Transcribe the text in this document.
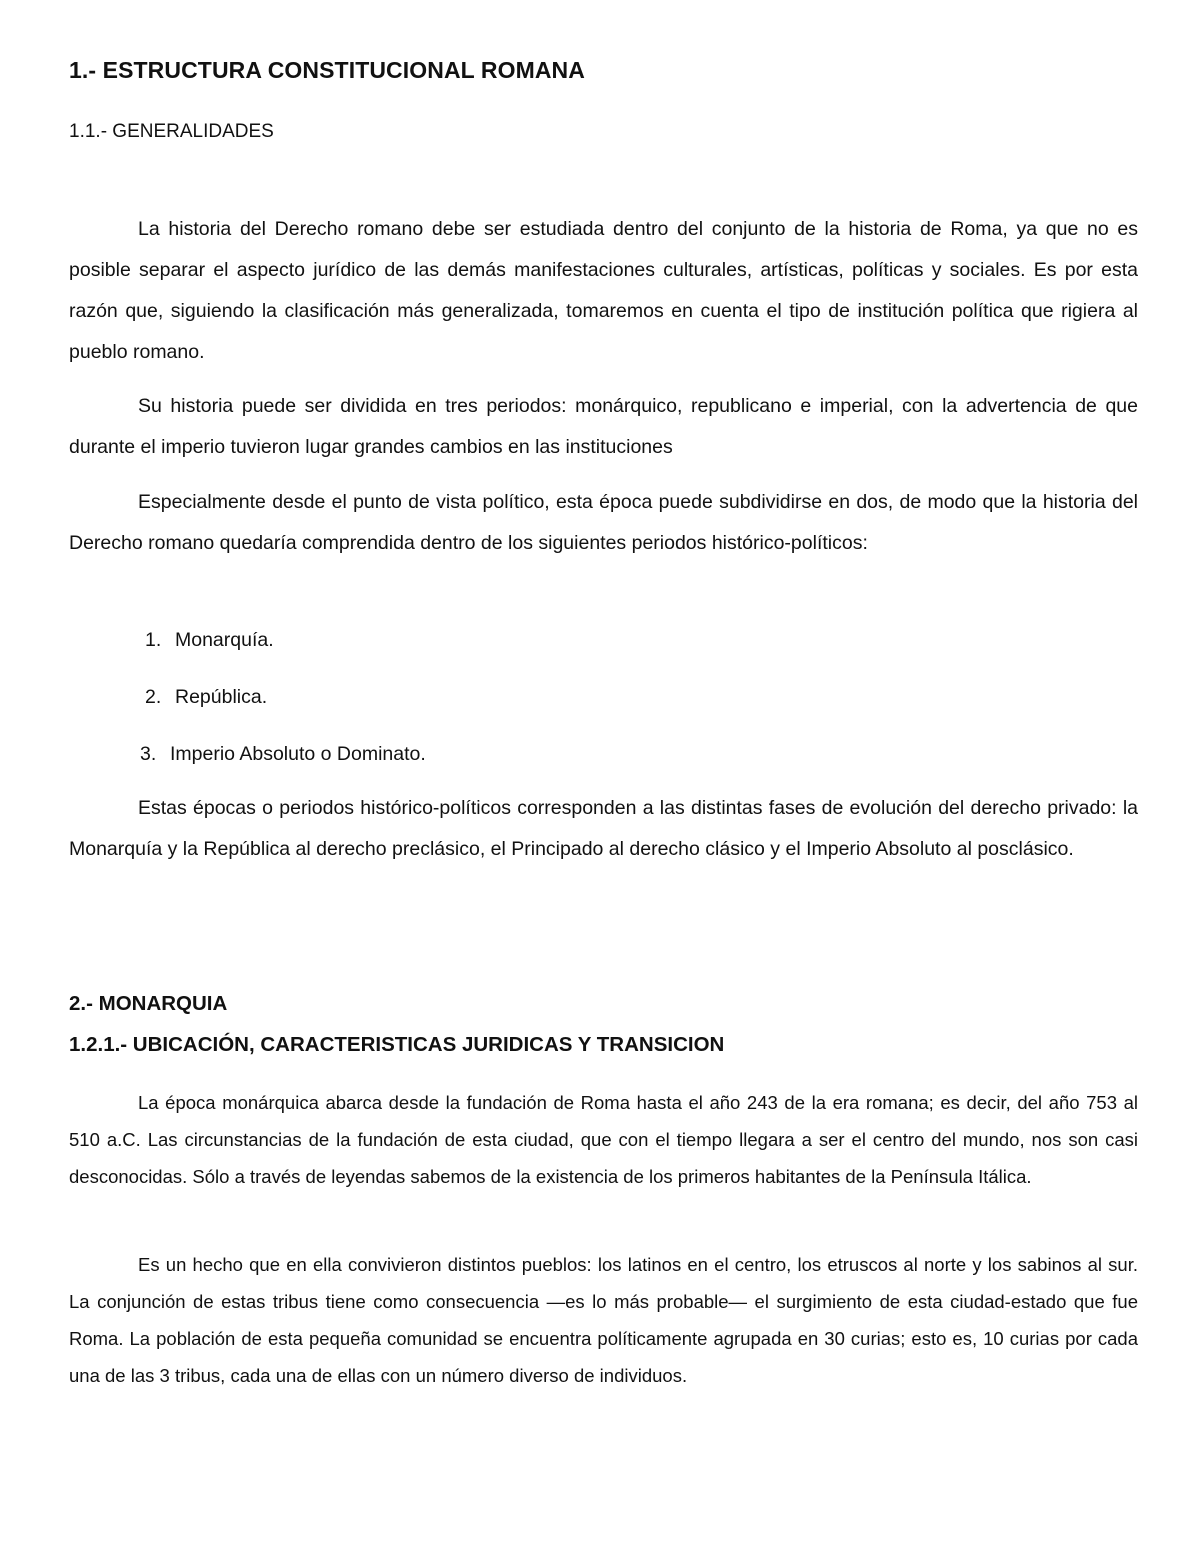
1.- ESTRUCTURA CONSTITUCIONAL ROMANA

1.1.- GENERALIDADES

La historia del Derecho romano debe ser estudiada dentro del conjunto de la historia de Roma, ya que no es posible separar el aspecto jurídico de las demás manifestaciones culturales, artísticas, políticas y sociales. Es por esta razón que, siguiendo la clasificación más generalizada, tomaremos en cuenta el tipo de institución política que rigiera al pueblo romano.

Su historia puede ser dividida en tres periodos: monárquico, republicano e imperial, con la advertencia de que durante el imperio tuvieron lugar grandes cambios en las instituciones

Especialmente desde el punto de vista político, esta época puede subdividirse en dos, de modo que la historia del Derecho romano quedaría comprendida dentro de los siguientes periodos histórico-políticos:

1. Monarquía.
2. República.
3. Imperio Absoluto o Dominato.

Estas épocas o periodos histórico-políticos corresponden a las distintas fases de evolución del derecho privado: la Monarquía y la República al derecho preclásico, el Principado al derecho clásico y el Imperio Absoluto al posclásico.

2.- MONARQUIA
1.2.1.- UBICACIÓN, CARACTERISTICAS JURIDICAS Y TRANSICION

La época monárquica abarca desde la fundación de Roma hasta el año 243 de la era romana; es decir, del año 753 al 510 a.C. Las circunstancias de la fundación de esta ciudad, que con el tiempo llegara a ser el centro del mundo, nos son casi desconocidas. Sólo a través de leyendas sabemos de la existencia de los primeros habitantes de la Península Itálica.

Es un hecho que en ella convivieron distintos pueblos: los latinos en el centro, los etruscos al norte y los sabinos al sur. La conjunción de estas tribus tiene como consecuencia —es lo más probable— el surgimiento de esta ciudad-estado que fue Roma. La población de esta pequeña comunidad se encuentra políticamente agrupada en 30 curias; esto es, 10 curias por cada una de las 3 tribus, cada una de ellas con un número diverso de individuos.
